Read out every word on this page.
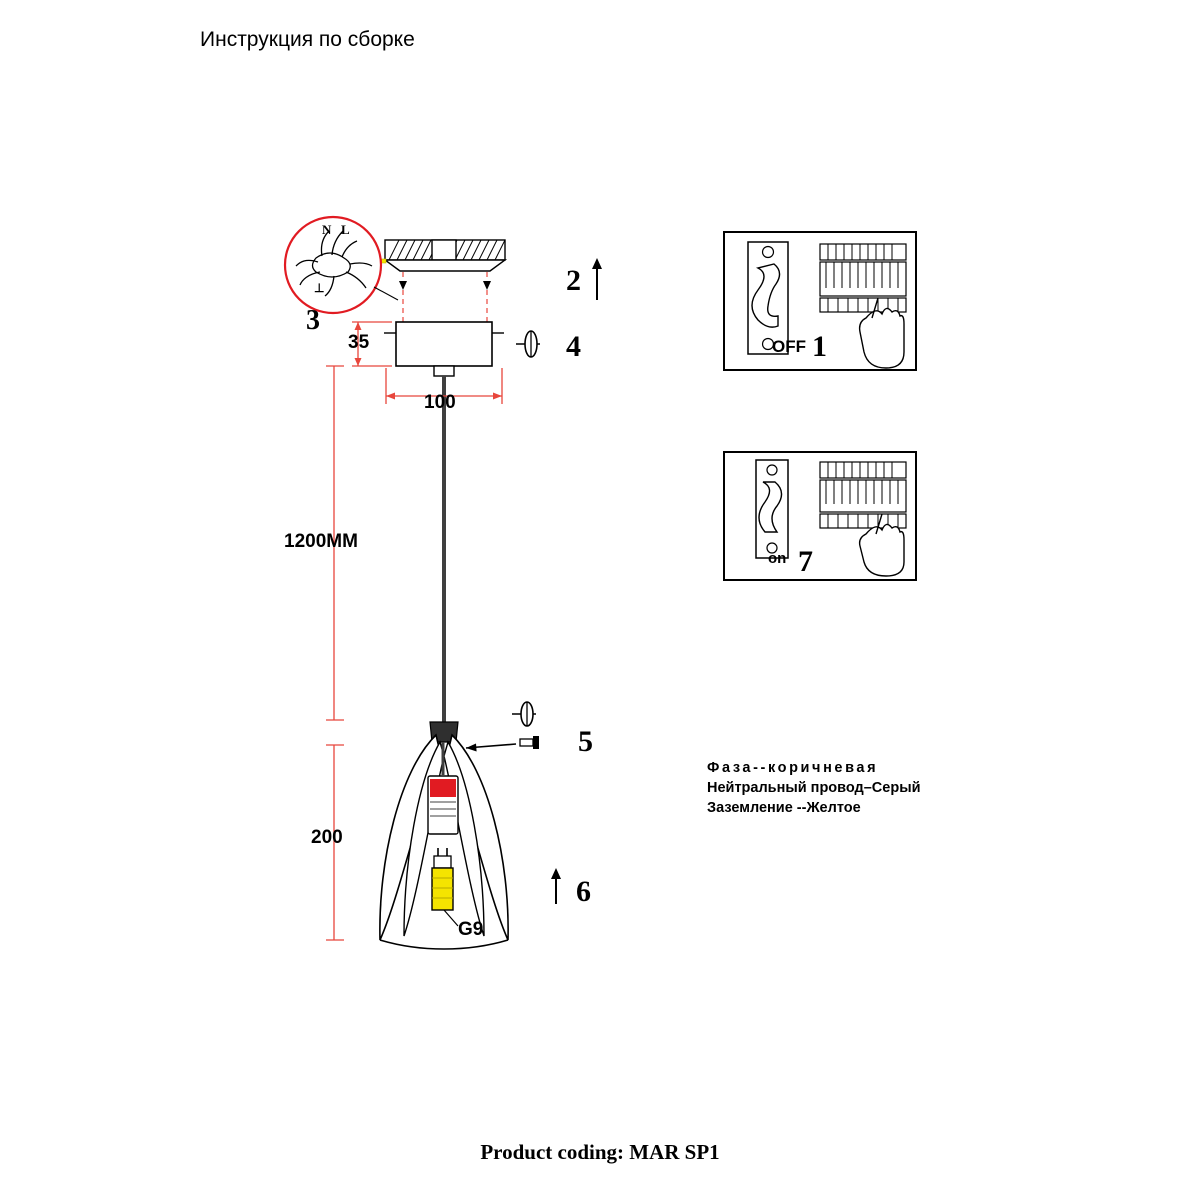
Инструкция по сборке
N L
⊥	2
3
4
5
6
1
7
OFF
on
35
100
1200MM
200
G9
Фаза--коричневая
Нейтральный провод–Серый
Заземление --Желтое
Product coding: MAR SP1
